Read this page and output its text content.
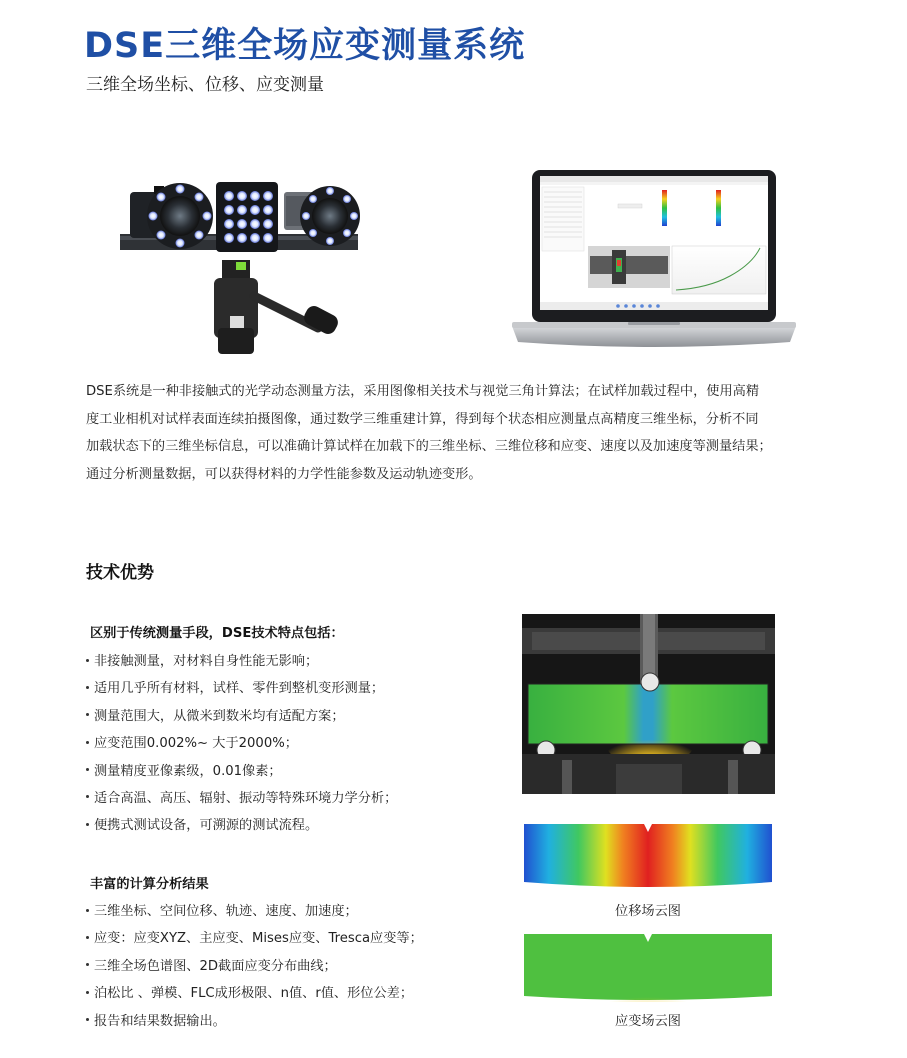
DSE三维全场应变测量系统
三维全场坐标、位移、应变测量
DSE系统是一种非接触式的光学动态测量方法，采用图像相关技术与视觉三角计算法；在试样加载过程中，使用高精
度工业相机对试样表面连续拍摄图像，通过数学三维重建计算，得到每个状态相应测量点高精度三维坐标，分析不同
加载状态下的三维坐标信息，可以准确计算试样在加载下的三维坐标、三维位移和应变、速度以及加速度等测量结果；
通过分析测量数据，可以获得材料的力学性能参数及运动轨迹变形。
技术优势
区别于传统测量手段，DSE技术特点包括：
非接触测量，对材料自身性能无影响；
适用几乎所有材料，试样、零件到整机变形测量；
测量范围大，从微米到数米均有适配方案；
应变范围0.002%~ 大于2000%；
测量精度亚像素级，0.01像素；
适合高温、高压、辐射、振动等特殊环境力学分析；
便携式测试设备，可溯源的测试流程。
丰富的计算分析结果
三维坐标、空间位移、轨迹、速度、加速度；
应变：应变XYZ、主应变、Mises应变、Tresca应变等；
三维全场色谱图、2D截面应变分布曲线；
泊松比 、弹模、FLC成形极限、n值、r值、形位公差；
报告和结果数据输出。
位移场云图
应变场云图
